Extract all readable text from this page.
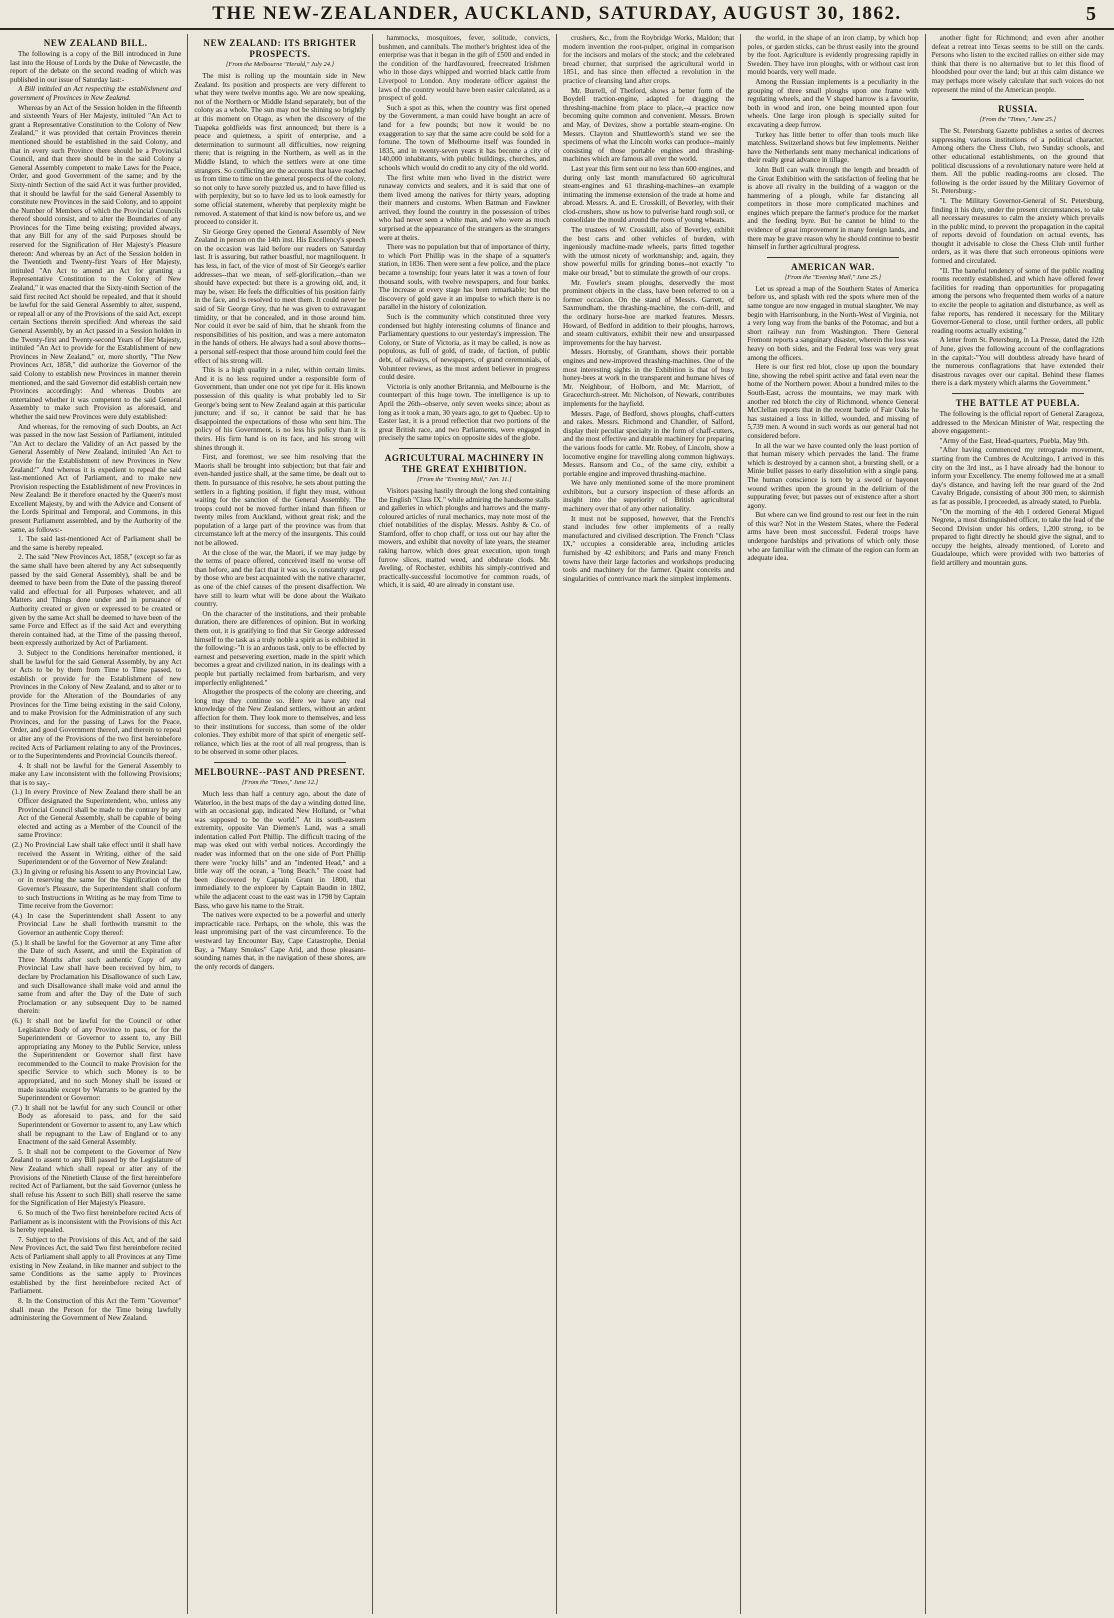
THE NEW-ZEALANDER, AUCKLAND, SATURDAY, AUGUST 30, 1862.	5
NEW ZEALAND BILL.

The following is a copy of the Bill introduced in June last into the House of Lords by the Duke of Newcastle, the report of the debate on the second reading of which was published in our issue of Saturday last:-

A Bill intituled an Act respecting the establishment and government of Provinces in New Zealand.

Whereas by an Act of the Session holden in the fifteenth and sixteenth Years of Her Majesty, intituled "An Act to grant a Representative Constitution to the Colony of New Zealand," it was provided that certain Provinces therein mentioned should be established in the said Colony, and that in every such Province there should be a Provincial Council, and that there should be in the said Colony a General Assembly competent to make Laws for the Peace, Order, and good Government of the same; and by the Sixty-ninth Section of the said Act it was further provided, that it should be lawful for the said General Assembly to constitute new Provinces in the said Colony, and to appoint the Number of Members of which the Provincial Councils thereof should consist, and to alter the Boundaries of any Provinces for the Time being existing; provided always, that any Bill for any of the said Purposes should be reserved for the Signification of Her Majesty's Pleasure thereon: And whereas by an Act of the Session holden in the Twentieth and Twenty-first Years of Her Majesty, intituled "An Act to amend an Act for granting a Representative Constitution to the Colony of New Zealand," it was enacted that the Sixty-ninth Section of the said first recited Act should be repealed, and that it should be lawful for the said General Assembly to alter, suspend, or repeal all or any of the Provisions of the said Act, except certain Sections therein specified: And whereas the said General Assembly, by an Act passed in a Session holden in the Twenty-first and Twenty-second Years of Her Majesty, intituled "An Act to provide for the Establishment of new Provinces in New Zealand," or, more shortly, "The New Provinces Act, 1858," did authorize the Governor of the said Colony to establish new Provinces in manner therein mentioned, and the said Governor did establish certain new Provinces accordingly: And whereas Doubts are entertained whether it was competent to the said General Assembly to make such Provision as aforesaid, and whether the said new Provinces were duly established:

And whereas, for the removing of such Doubts, an Act was passed in the now last Session of Parliament, intituled "An Act to declare the Validity of an Act passed by the General Assembly of New Zealand, intituled 'An Act to provide for the Establishment of new Provinces in New Zealand:'" And whereas it is expedient to repeal the said last-mentioned Act of Parliament, and to make new Provision respecting the Establishment of new Provinces in New Zealand: Be it therefore enacted by the Queen's most Excellent Majesty, by and with the Advice and Consent of the Lords Spiritual and Temporal, and Commons, in this present Parliament assembled, and by the Authority of the same, as follows:-

1. The said last-mentioned Act of Parliament shall be and the same is hereby repealed.

2. The said "New Provinces Act, 1858," (except so far as the same shall have been altered by any Act subsequently passed by the said General Assembly), shall be and be deemed to have been from the Date of the passing thereof valid and effectual for all Purposes whatever, and all Matters and Things done under and in pursuance of Authority created or given or expressed to be created or given by the same Act shall be deemed to have been of the same Force and Effect as if the said Act and everything therein contained had, at the Time of the passing thereof, been expressly authorized by Act of Parliament.

3. Subject to the Conditions hereinafter mentioned, it shall be lawful for the said General Assembly, by any Act or Acts to be by them from Time to Time passed, to establish or provide for the Establishment of new Provinces in the Colony of New Zealand, and to alter or to provide for the Alteration of the Boundaries of any Provinces for the Time being existing in the said Colony, and to make Provision for the Administration of any such Provinces, and for the passing of Laws for the Peace, Order, and good Government thereof, and therein to repeal or alter any of the Provisions of the two first hereinbefore recited Acts of Parliament relating to any of the Provinces, or to the Superintendents and Provincial Councils thereof.

4. It shall not be lawful for the General Assembly to make any Law inconsistent with the following Provisions; that is to say,-

(1.) In every Province of New Zealand there shall be an Officer designated the Superintendent, who, unless any Provincial Council shall be made to the contrary by any Act of the General Assembly, shall be capable of being elected and acting as a Member of the Council of the same Province:

(2.) No Provincial Law shall take effect until it shall have received the Assent in Writing, either of the said Superintendent or of the Governor of New Zealand:

(3.) In giving or refusing his Assent to any Provincial Law, or in reserving the same for the Signification of the Governor's Pleasure, the Superintendent shall conform to such Instructions in Writing as he may from Time to Time receive from the Governor:

(4.) In case the Superintendent shall Assent to any Provincial Law he shall forthwith transmit to the Governor an authentic Copy thereof:

(5.) It shall be lawful for the Governor at any Time after the Date of such Assent, and until the Expiration of Three Months after such authentic Copy of any Provincial Law shall have been received by him, to declare by Proclamation his Disallowance of such Law, and such Disallowance shall make void and annul the same from and after the Day of the Date of such Proclamation or any subsequent Day to be named therein:

(6.) It shall not be lawful for the Council or other Legislative Body of any Province to pass, or for the Superintendent or Governor to assent to, any Bill appropriating any Money to the Public Service, unless the Superintendent or Governor shall first have recommended to the Council to make Provision for the specific Service to which such Money is to be appropriated, and no such Money shall be issued or made issuable except by Warrants to be granted by the Superintendent or Governor:

(7.) It shall not be lawful for any such Council or other Body as aforesaid to pass, and for the said Superintendent or Governor to assent to, any Law which shall be repugnant to the Law of England or to any Enactment of the said General Assembly.

5. It shall not be competent to the Governor of New Zealand to assent to any Bill passed by the Legislature of New Zealand which shall repeal or alter any of the Provisions of the Ninetieth Clause of the first hereinbefore recited Act of Parliament, but the said Governor (unless he shall refuse his Assent to such Bill) shall reserve the same for the Signification of Her Majesty's Pleasure.

6. So much of the Two first hereinbefore recited Acts of Parliament as is inconsistent with the Provisions of this Act is hereby repealed.

7. Subject to the Provisions of this Act, and of the said New Provinces Act, the said Two first hereinbefore recited Acts of Parliament shall apply to all Provinces at any Time existing in New Zealand, in like manner and subject to the same Conditions as the same apply to Provinces established by the first hereinbefore recited Act of Parliament.

8. In the Construction of this Act the Term "Governor" shall mean the Person for the Time being lawfully administering the Government of New Zealand.

NEW ZEALAND: ITS BRIGHTER PROSPECTS.
[From the Melbourne "Herald," July 24.]

The mist is rolling up the mountain side in New Zealand. Its position and prospects are very different to what they were twelve months ago. We are now speaking, not of the Northern or Middle Island separately, but of the colony as a whole. The sun may not be shining so brightly at this moment on Otago, as when the discovery of the Tuapeka goldfields was first announced; but there is a peace and quietness, a spirit of enterprise, and a determination to surmount all difficulties, now reigning there; that is reigning in the Northern, as well as in the Middle Island, to which the settlers were at one time strangers. So conflicting are the accounts that have reached us from time to time on the general prospects of the colony, so not only to have sorely puzzled us, and to have filled us with perplexity, but so to have led us to look earnestly for some official statement, whereby that perplexity might be removed. A statement of that kind is now before us, and we proceed to consider it.

Sir George Grey opened the General Assembly of New Zealand in person on the 14th inst. His Excellency's speech on the occasion was laid before our readers on Saturday last. It is assuring, but rather boastful, nor magniloquent. It has less, in fact, of the vice of most of Sir George's earlier addresses--that we mean, of self-glorification,--than we should have expected: but there is a growing old, and, it may be, wiser. He feels the difficulties of his position fairly in the face, and is resolved to meet them. It could never be said of Sir George Grey, that he was given to extravagant timidity, or that he concealed, and in those around him. Nor could it ever be said of him, that he shrank from the responsibilities of his position, and was a mere automaton in the hands of others. He always had a soul above thorns--a personal self-respect that those around him could feel the effect of his strong will.

This is a high quality in a ruler, within certain limits. And it is no less required under a responsible form of Government, than under one not yet ripe for it. His known possession of this quality is what probably led to Sir George's being sent to New Zealand again at this particular juncture; and if so, it cannot be said that he has disappointed the expectations of those who sent him. The policy of his Government, is no less his policy than it is theirs. His firm hand is on its face, and his strong will shines through it.

First, and foremost, we see him resolving that the Maoris shall be brought into subjection; but that fair and even-handed justice shall, at the same time, be dealt out to them. In pursuance of this resolve, he sets about putting the settlers in a fighting position, if fight they must, without waiting for the sanction of the General Assembly. The troops could not be moved further inland than fifteen or twenty miles from Auckland, without great risk; and the population of a large part of the province was from that circumstance left at the mercy of the insurgents. This could not be allowed.

At the close of the war, the Maori, if we may judge by the terms of peace offered, conceived itself no worse off than before, and the fact that it was so, is constantly urged by those who are best acquainted with the native character, as one of the chief causes of the present disaffection. We have still to learn what will be done about the Waikato country.

On the character of the institutions, and their probable duration, there are differences of opinion. But in working them out, it is gratifying to find that Sir George addressed himself to the task as a truly noble a spirit as is exhibited in the following:-"It is an arduous task, only to be effected by earnest and persevering exertion, made in the spirit which becomes a great and civilized nation, in its dealings with a people but partially reclaimed from barbarism, and very imperfectly enlightened."

Altogether the prospects of the colony are cheering, and long may they continue so. Here we have any real knowledge of the New Zealand settlers, without an ardent affection for them. They look more to themselves, and less to their institutions for success, than some of the older colonies. They exhibit more of that spirit of energetic self-reliance, which lies at the root of all real progress, than is to be observed in some other places.

MELBOURNE--PAST AND PRESENT.
[From the "Times," June 12.]

Much less than half a century ago, about the date of Waterloo, in the best maps of the day a winding dotted line, with an occasional gap, indicated New Holland, or "what was supposed to be the world." At its south-eastern extremity, opposite Van Diemen's Land, was a small indentation called Port Phillip. The difficult tracing of the map was eked out with verbal notices. Accordingly the reader was informed that on the one side of Port Phillip there were "rocky hills" and an "indented Head," and a little way off the ocean, a "long Beach." The coast had been discovered by Captain Grant in 1800, that immediately to the explorer by Captain Baudin in 1802, while the adjacent coast to the east was in 1798 by Captain Bass, who gave his name to the Strait.

The natives were expected to be a powerful and utterly impracticable race. Perhaps, on the whole, this was the least unpromising part of the vast circumference. To the westward lay Encounter Bay, Cape Catastrophe, Denial Bay, a "Many Smokes" Cape Arid, and those pleasant-sounding names that, in the navigation of these shores, are the only records of dangers.

hammocks, mosquitoes, fever, solitude, convicts, bushmen, and cannibals. The mother's brightest idea of the enterprise was that it began in the gift of £500 and ended in the condition of the hardfavoured, freecreated Irishmen who in those days whipped and worried black cattle from Liverpool to London. Any moderate officer against the laws of the country would have been easier calculated, as a prospect of gold.

Such a spot as this, when the country was first opened by the Government, a man could have bought an acre of land for a few pounds; but now it would be no exaggeration to say that the same acre could be sold for a fortune. The town of Melbourne itself was founded in 1835, and in twenty-seven years it has become a city of 140,000 inhabitants, with public buildings, churches, and schools which would do credit to any city of the old world.

The first white men who lived in the district were runaway convicts and sealers, and it is said that one of them lived among the natives for thirty years, adopting their manners and customs. When Batman and Fawkner arrived, they found the country in the possession of tribes who had never seen a white man, and who were as much surprised at the appearance of the strangers as the strangers were at theirs.

There was no population but that of importance of thirty, to which Port Phillip was in the shape of a squatter's station, in 1836. Then were sent a few police, and the place became a township; four years later it was a town of four thousand souls, with twelve newspapers, and four banks. The increase at every stage has been remarkable; but the discovery of gold gave it an impulse to which there is no parallel in the history of colonization.

Such is the community which constituted three very condensed but highly interesting columns of finance and Parliamentary questions to our yesterday's impression. The Colony, or State of Victoria, as it may be called, is now as populous, as full of gold, of trade, of faction, of public debt, of railways, of newspapers, of grand ceremonials, of Volunteer reviews, as the most ardent believer in progress could desire.

Victoria is only another Britannia, and Melbourne is the counterpart of this huge town. The intelligence is up to April the 26th--observe, only seven weeks since; about as long as it took a man, 30 years ago, to get to Quebec. Up to Easter last, it is a proud reflection that two portions of the great British race, and two Parliaments, were engaged in precisely the same topics on opposite sides of the globe.

AGRICULTURAL MACHINERY IN THE GREAT EXHIBITION.
[From the "Evening Mail," Jan. 11.]

Visitors passing hastily through the long shed containing the English "Class IX." while admiring the handsome stalls and galleries in which ploughs and harrows and the many-coloured articles of rural mechanics, may note most of the chief notabilities of the display. Messrs. Ashby & Co. of Stamford, offer to chop chaff, or toss out our hay after the mowers, and exhibit that novelty of late years, the steamer raking harrow, which does great execution, upon tough furrow slices, matted weed, and obdurate clods. Mr. Aveling, of Rochester, exhibits his simply-contrived and practically-successful locomotive for common roads, of which, it is said, 40 are already in constant use.

crushers, &c., from the Roybridge Works, Maldon; that modern invention the root-pulper, original in comparison for the incisors and molars of the stock; and the celebrated bread churner, that surprised the agricultural world in 1851, and has since then effected a revolution in the practice of cleansing land after crops.

Mr. Burrell, of Thetford, shows a better form of the Boydell traction-engine, adapted for dragging the threshing-machine from place to place,--a practice now becoming quite common and convenient. Messrs. Brown and May, of Devizes, show a portable steam-engine. On Messrs. Clayton and Shuttleworth's stand we see the specimens of what the Lincoln works can produce--mainly consisting of those portable engines and thrashing-machines which are famous all over the world.

Last year this firm sent out no less than 600 engines, and during only last month manufactured 60 agricultural steam-engines and 61 thrashing-machines--an example intimating the immense extension of the trade at home and abroad. Messrs. A. and E. Crosskill, of Beverley, with their clod-crushers, show us how to pulverise hard rough soil, or consolidate the mould around the roots of young wheats.

The trustees of W. Crosskill, also of Beverley, exhibit the best carts and other vehicles of burden, with ingeniously machine-made wheels, parts fitted together with the utmost nicety of workmanship; and, again, they show powerful mills for grinding bones--not exactly "to make our bread," but to stimulate the growth of our crops.

Mr. Fowler's steam ploughs, deservedly the most prominent objects in the class, have been referred to on a former occasion. On the stand of Messrs. Garrett, of Saxmundham, the thrashing-machine, the corn-drill, and the ordinary horse-hoe are marked features. Messrs. Howard, of Bedford in addition to their ploughs, harrows, and steam cultivators, exhibit their new and unsurpassed improvements for the hay harvest.

Messrs. Hornsby, of Grantham, shows their portable engines and new-improved thrashing-machines. One of the most interesting sights in the Exhibition is that of busy honey-bees at work in the transparent and humane hives of Mr. Neighbour, of Holborn, and Mr. Marriott, of Gracechurch-street. Mr. Nicholson, of Newark, contributes implements for the hayfield.

Messrs. Page, of Bedford, shows ploughs, chaff-cutters and rakes. Messrs. Richmond and Chandler, of Salford, display their peculiar specialty in the form of chaff-cutters, and the most effective and durable machinery for preparing the various foods for cattle. Mr. Robey, of Lincoln, show a locomotive engine for travelling along common highways. Messrs. Ransom and Co., of the same city, exhibit a portable engine and improved thrashing-machine.

We have only mentioned some of the more prominent exhibitors, but a cursory inspection of these affords an insight into the superiority of British agricultural machinery over that of any other nationality.

It must not be supposed, however, that the French's stand includes few other implements of a really manufactured and civilised description. The French "Class IX," occupies a considerable area, including articles furnished by 42 exhibitors; and Paris and many French towns have their large factories and workshops producing tools and machinery for the farmer. Quaint conceits and singularities of contrivance mark the simplest implements.

the world, in the shape of an iron clamp, by which hop poles, or garden sticks, can be thrust easily into the ground by the foot. Agriculture is evidently progressing rapidly in Sweden. They have iron ploughs, with or without cast iron mould boards, very well made.

Among the Russian implements is a peculiarity in the grouping of three small ploughs upon one frame with regulating wheels, and the V shaped harrow is a favourite, both in wood and iron, one being mounted upon four wheels. One large iron plough is specially suited for excavating a deep furrow.

Turkey has little better to offer than tools much like matchless. Switzerland shows but few implements. Neither have the Netherlands sent many mechanical indications of their really great advance in tillage.

John Bull can walk through the length and breadth of the Great Exhibition with the satisfaction of feeling that he is above all rivalry in the building of a waggon or the hammering of a plough, while far distancing all competitors in those more complicated machines and engines which prepare the farmer's produce for the market and the feeding byre. But he cannot be blind to the evidence of great improvement in many foreign lands, and there may be grave reason why he should continue to bestir himself in further agricultural progress.

AMERICAN WAR.
[From the "Evening Mail," June 25.]

Let us spread a map of the Southern States of America before us, and splash with red the spots where men of the same tongue are now engaged in mutual slaughter. We may begin with Harrisonburg, in the North-West of Virginia, not a very long way from the banks of the Potomac, and but a short railway run from Washington. There General Fremont reports a sanguinary disaster, wherein the loss was heavy on both sides, and the Federal loss was very great among the officers.

Here is our first red blot, close up upon the boundary line, showing the rebel spirit active and fatal even near the home of the Northern power. About a hundred miles to the South-East, across the mountains, we may mark with another red blotch the city of Richmond, whence General McClellan reports that in the recent battle of Fair Oaks he has sustained a loss in killed, wounded, and missing of 5,739 men. A wound in such words as our general had not considered before.

In all the war we have counted only the least portion of that human misery which pervades the land. The frame which is destroyed by a cannon shot, a bursting shell, or a Minie bullet passes to early dissolution with a single pang. The human conscience is torn by a sword or bayonet wound writhes upon the ground in the delirium of the suppurating fever, but passes out of existence after a short agony.

But where can we find ground to rest our feet in the ruin of this war? Not in the Western States, where the Federal arms have been most successful. Federal troops have undergone hardships and privations of which only those who are familiar with the climate of the region can form an adequate idea.

another fight for Richmond; and even after another defeat a retreat into Texas seems to be still on the cards. Persons who listen to the excited rallies on either side may think that there is no alternative but to let this flood of bloodshed pour over the land; but at this calm distance we may perhaps more wisely calculate that such voices do not represent the mind of the American people.

RUSSIA.
[From the "Times," June 25.]

The St. Petersburg Gazette publishes a series of decrees suppressing various institutions of a political character. Among others the Chess Club, two Sunday schools, and other educational establishments, on the ground that political discussions of a revolutionary nature were held at them. All the public reading-rooms are closed. The following is the order issued by the Military Governor of St. Petersburg:-

"I. The Military Governor-General of St. Petersburg, finding it his duty, under the present circumstances, to take all necessary measures to calm the anxiety which prevails in the public mind, to prevent the propagation in the capital of reports devoid of foundation on actual events, has thought it advisable to close the Chess Club until further orders, as it was there that such erroneous opinions were formed and circulated.

"II. The baneful tendency of some of the public reading rooms recently established, and which have offered fewer facilities for reading than opportunities for propagating among the persons who frequented them works of a nature to excite the people to agitation and disturbance, as well as false reports, has rendered it necessary for the Military Governor-General to close, until further orders, all public reading rooms actually existing."

A letter from St. Petersburg, in La Presse, dated the 12th of June, gives the following account of the conflagrations in the capital:-"You will doubtless already have heard of the numerous conflagrations that have extended their disastrous ravages over our capital. Behind these flames there is a dark mystery which alarms the Government."

THE BATTLE AT PUEBLA.

The following is the official report of General Zaragoza, addressed to the Mexican Minister of War, respecting the above engagement:-

"Army of the East, Head-quarters, Puebla, May 9th.

"After having commenced my retrograde movement, starting from the Cumbres de Acultzingo, I arrived in this city on the 3rd inst., as I have already had the honour to inform your Excellency. The enemy followed me at a small day's distance, and having left the rear guard of the 2nd Cavalry Brigade, consisting of about 300 men, to skirmish as far as possible, I proceeded, as already stated, to Puebla.

"On the morning of the 4th I ordered General Miguel Negrete, a most distinguished officer, to take the lead of the Second Division under his orders, 1,200 strong, to be prepared to fight directly he should give the signal, and to occupy the heights, already mentioned, of Loreto and Guadaloupe, which were provided with two batteries of field artillery and mountain guns.
